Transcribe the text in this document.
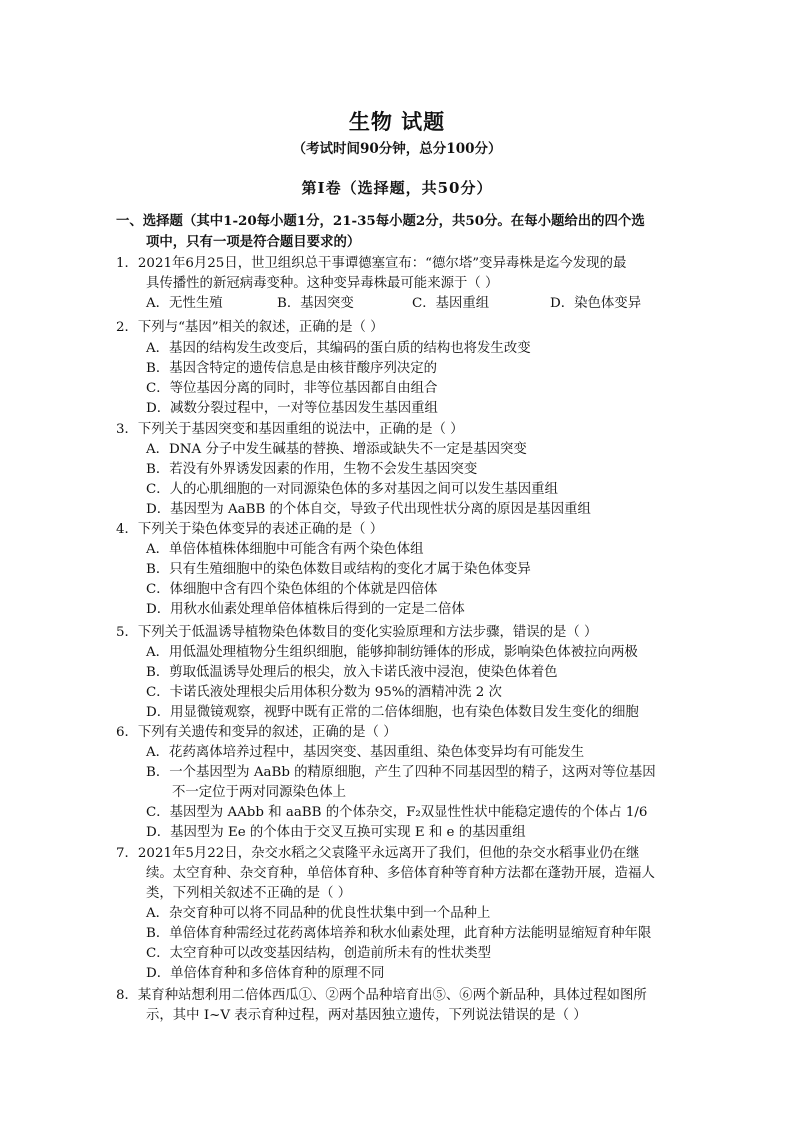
生物 试题
（考试时间90分钟，总分100分）
第Ⅰ卷（选择题，共50分）
一、选择题（其中1-20每小题1分，21-35每小题2分，共50分。在每小题给出的四个选
项中，只有一项是符合题目要求的）
1．2021年6月25日，世卫组织总干事谭德塞宣布：“德尔塔”变异毒株是迄今发现的最
具传播性的新冠病毒变种。这种变异毒株最可能来源于（ ）
A．无性生殖	B．基因突变	C．基因重组	D．染色体变异
2．下列与“基因”相关的叙述，正确的是（ ）
A．基因的结构发生改变后，其编码的蛋白质的结构也将发生改变
B．基因含特定的遗传信息是由核苷酸序列决定的
C．等位基因分离的同时，非等位基因都自由组合
D．减数分裂过程中，一对等位基因发生基因重组
3．下列关于基因突变和基因重组的说法中，正确的是（ ）
A．DNA 分子中发生碱基的替换、增添或缺失不一定是基因突变
B．若没有外界诱发因素的作用，生物不会发生基因突变
C．人的心肌细胞的一对同源染色体的多对基因之间可以发生基因重组
D．基因型为 AaBB 的个体自交，导致子代出现性状分离的原因是基因重组
4．下列关于染色体变异的表述正确的是（ ）
A．单倍体植株体细胞中可能含有两个染色体组
B．只有生殖细胞中的染色体数目或结构的变化才属于染色体变异
C．体细胞中含有四个染色体组的个体就是四倍体
D．用秋水仙素处理单倍体植株后得到的一定是二倍体
5．下列关于低温诱导植物染色体数目的变化实验原理和方法步骤，错误的是（ ）
A．用低温处理植物分生组织细胞，能够抑制纺锤体的形成，影响染色体被拉向两极
B．剪取低温诱导处理后的根尖，放入卡诺氏液中浸泡，使染色体着色
C．卡诺氏液处理根尖后用体积分数为 95%的酒精冲洗 2 次
D．用显微镜观察，视野中既有正常的二倍体细胞，也有染色体数目发生变化的细胞
6．下列有关遗传和变异的叙述，正确的是（ ）
A．花药离体培养过程中，基因突变、基因重组、染色体变异均有可能发生
B．一个基因型为 AaBb 的精原细胞，产生了四种不同基因型的精子，这两对等位基因
不一定位于两对同源染色体上
C．基因型为 AAbb 和 aaBB 的个体杂交，F₂双显性性状中能稳定遗传的个体占 1/6
D．基因型为 Ee 的个体由于交叉互换可实现 E 和 e 的基因重组
7．2021年5月22日，杂交水稻之父袁隆平永远离开了我们，但他的杂交水稻事业仍在继
续。太空育种、杂交育种，单倍体育种、多倍体育种等育种方法都在蓬勃开展，造福人
类，下列相关叙述不正确的是（ ）
A．杂交育种可以将不同品种的优良性状集中到一个品种上
B．单倍体育种需经过花药离体培养和秋水仙素处理，此育种方法能明显缩短育种年限
C．太空育种可以改变基因结构，创造前所未有的性状类型
D．单倍体育种和多倍体育种的原理不同
8．某育种站想利用二倍体西瓜①、②两个品种培育出⑤、⑥两个新品种，具体过程如图所
示，其中 I~V 表示育种过程，两对基因独立遗传，下列说法错误的是（ ）
